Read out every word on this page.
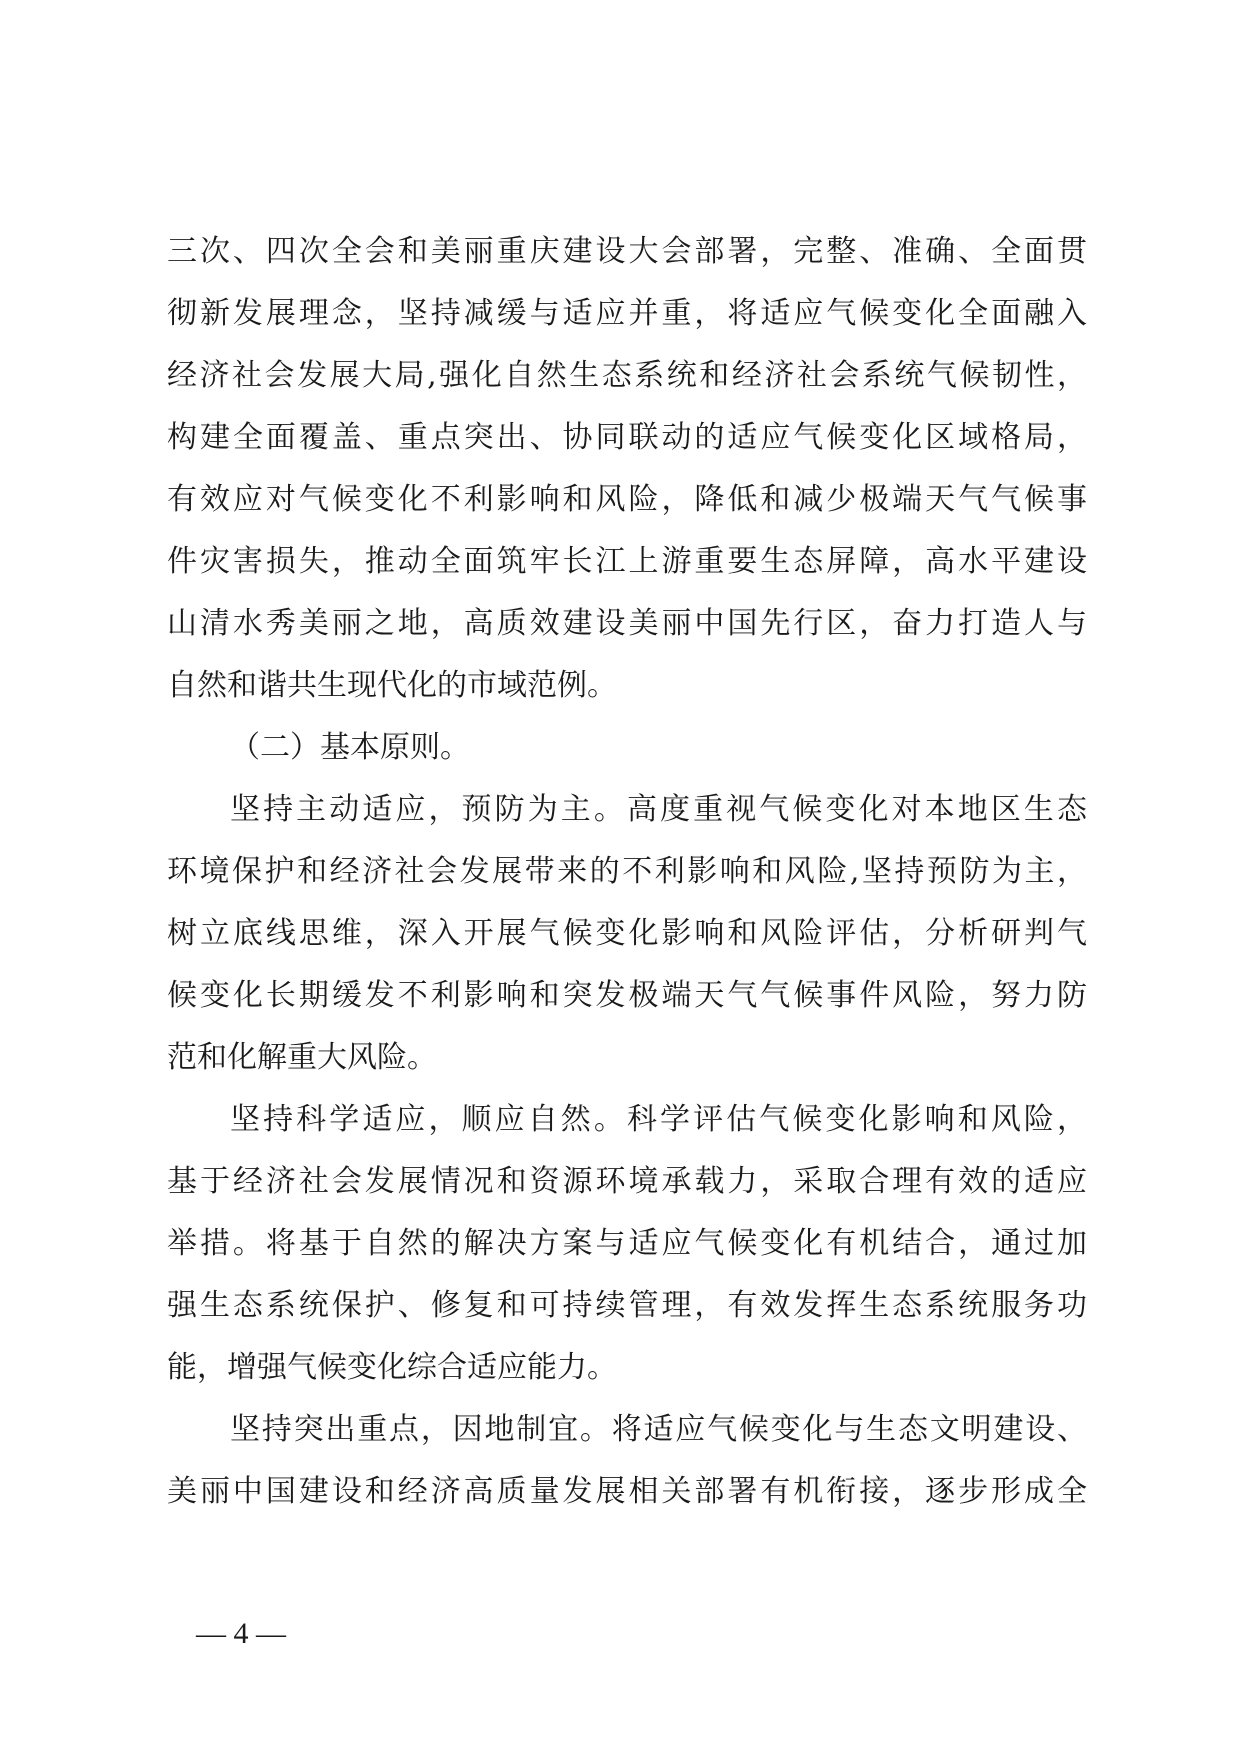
三次、四次全会和美丽重庆建设大会部署，完整、准确、全面贯
彻新发展理念，坚持减缓与适应并重，将适应气候变化全面融入
经济社会发展大局,强化自然生态系统和经济社会系统气候韧性，
构建全面覆盖、重点突出、协同联动的适应气候变化区域格局，
有效应对气候变化不利影响和风险，降低和减少极端天气气候事
件灾害损失，推动全面筑牢长江上游重要生态屏障，高水平建设
山清水秀美丽之地，高质效建设美丽中国先行区，奋力打造人与
自然和谐共生现代化的市域范例。
（二）基本原则。
坚持主动适应，预防为主。高度重视气候变化对本地区生态
环境保护和经济社会发展带来的不利影响和风险,坚持预防为主，
树立底线思维，深入开展气候变化影响和风险评估，分析研判气
候变化长期缓发不利影响和突发极端天气气候事件风险，努力防
范和化解重大风险。
坚持科学适应，顺应自然。科学评估气候变化影响和风险，
基于经济社会发展情况和资源环境承载力，采取合理有效的适应
举措。将基于自然的解决方案与适应气候变化有机结合，通过加
强生态系统保护、修复和可持续管理，有效发挥生态系统服务功
能，增强气候变化综合适应能力。
坚持突出重点，因地制宜。将适应气候变化与生态文明建设、
美丽中国建设和经济高质量发展相关部署有机衔接，逐步形成全
— 4 —
